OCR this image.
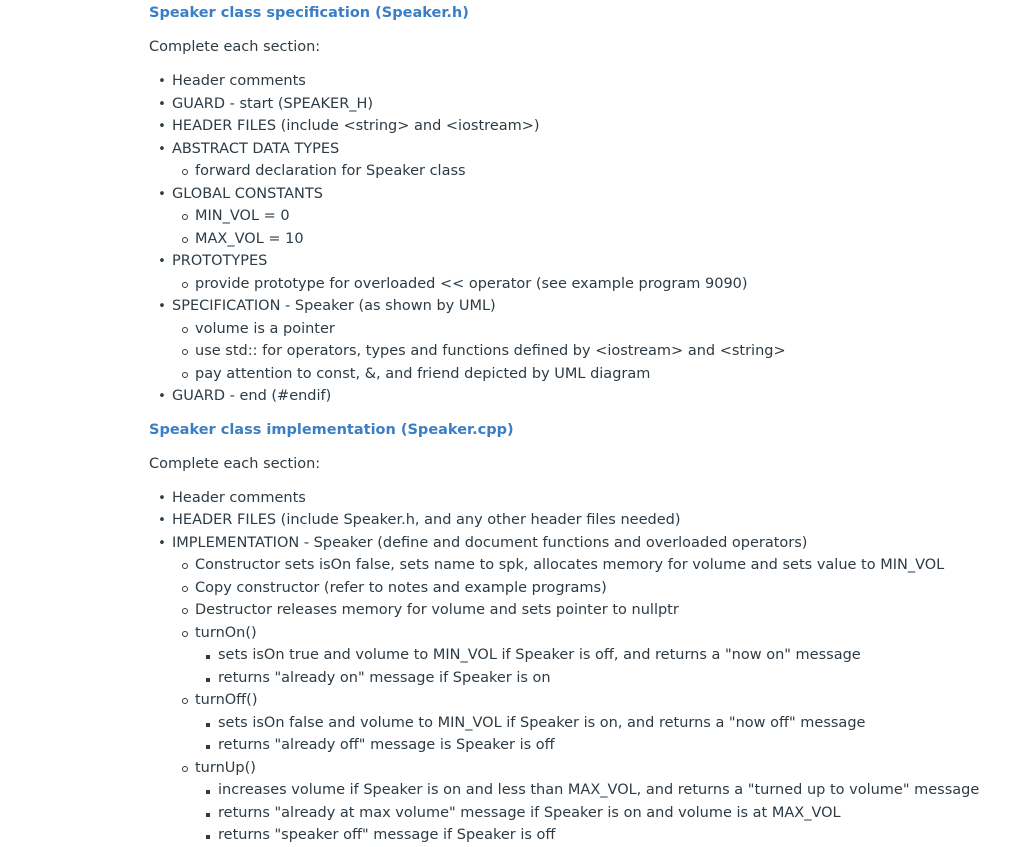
Speaker class specification (Speaker.h)

Complete each section:

•
Header comments
•
GUARD - start (SPEAKER_H)
•
HEADER FILES (include <string> and <iostream>)
•
ABSTRACT DATA TYPES
forward declaration for Speaker class
•
GLOBAL CONSTANTS
MIN_VOL = 0
MAX_VOL = 10
•
PROTOTYPES
provide prototype for overloaded << operator (see example program 9090)
•
SPECIFICATION - Speaker (as shown by UML)
volume is a pointer
use std:: for operators, types and functions defined by <iostream> and <string>
pay attention to const, &, and friend depicted by UML diagram
•
GUARD - end (#endif)
Speaker class implementation (Speaker.cpp)

Complete each section:

•
Header comments
•
HEADER FILES (include Speaker.h, and any other header files needed)
•
IMPLEMENTATION - Speaker (define and document functions and overloaded operators)
Constructor sets isOn false, sets name to spk, allocates memory for volume and sets value to MIN_VOL
Copy constructor (refer to notes and example programs)
Destructor releases memory for volume and sets pointer to nullptr
turnOn()
sets isOn true and volume to MIN_VOL if Speaker is off, and returns a "now on" message
returns "already on" message if Speaker is on
turnOff()
sets isOn false and volume to MIN_VOL if Speaker is on, and returns a "now off" message
returns "already off" message is Speaker is off
turnUp()
increases volume if Speaker is on and less than MAX_VOL, and returns a "turned up to volume" message
returns "already at max volume" message if Speaker is on and volume is at MAX_VOL
returns "speaker off" message if Speaker is off
